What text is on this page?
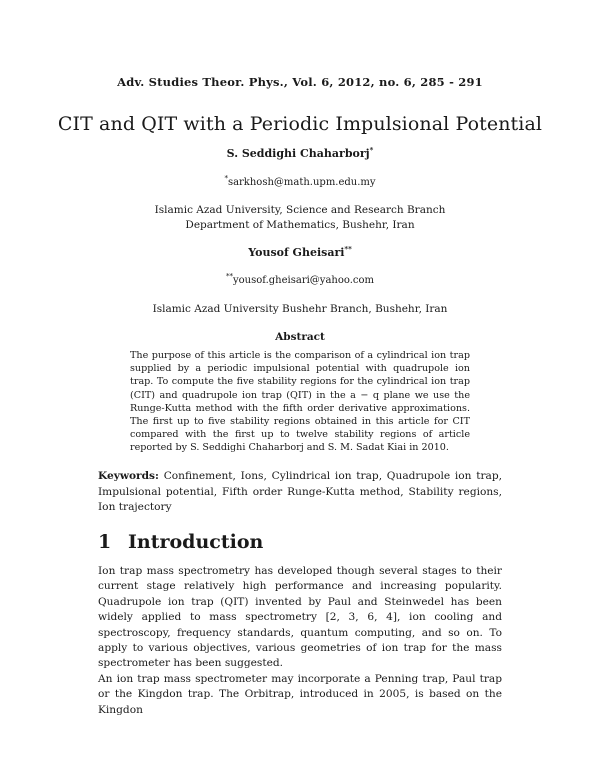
Adv. Studies Theor. Phys., Vol. 6, 2012, no. 6, 285 - 291
CIT and QIT with a Periodic Impulsional Potential
S. Seddighi Chaharborj*
*sarkhosh@math.upm.edu.my
Islamic Azad University, Science and Research Branch
Department of Mathematics, Bushehr, Iran
Yousof Gheisari**
**yousof.gheisari@yahoo.com
Islamic Azad University Bushehr Branch, Bushehr, Iran
Abstract
The purpose of this article is the comparison of a cylindrical ion trap supplied by a periodic impulsional potential with quadrupole ion trap. To compute the five stability regions for the cylindrical ion trap (CIT) and quadrupole ion trap (QIT) in the a − q plane we use the Runge-Kutta method with the fifth order derivative approximations. The first up to five stability regions obtained in this article for CIT compared with the first up to twelve stability regions of article reported by S. Seddighi Chaharborj and S. M. Sadat Kiai in 2010.
Keywords: Confinement, Ions, Cylindrical ion trap, Quadrupole ion trap, Impulsional potential, Fifth order Runge-Kutta method, Stability regions, Ion trajectory
1 Introduction

Ion trap mass spectrometry has developed though several stages to their current stage relatively high performance and increasing popularity. Quadrupole ion trap (QIT) invented by Paul and Steinwedel has been widely applied to mass spectrometry [2, 3, 6, 4], ion cooling and spectroscopy, frequency standards, quantum computing, and so on. To apply to various objectives, various geometries of ion trap for the mass spectrometer has been suggested.

An ion trap mass spectrometer may incorporate a Penning trap, Paul trap or the Kingdon trap. The Orbitrap, introduced in 2005, is based on the Kingdon
